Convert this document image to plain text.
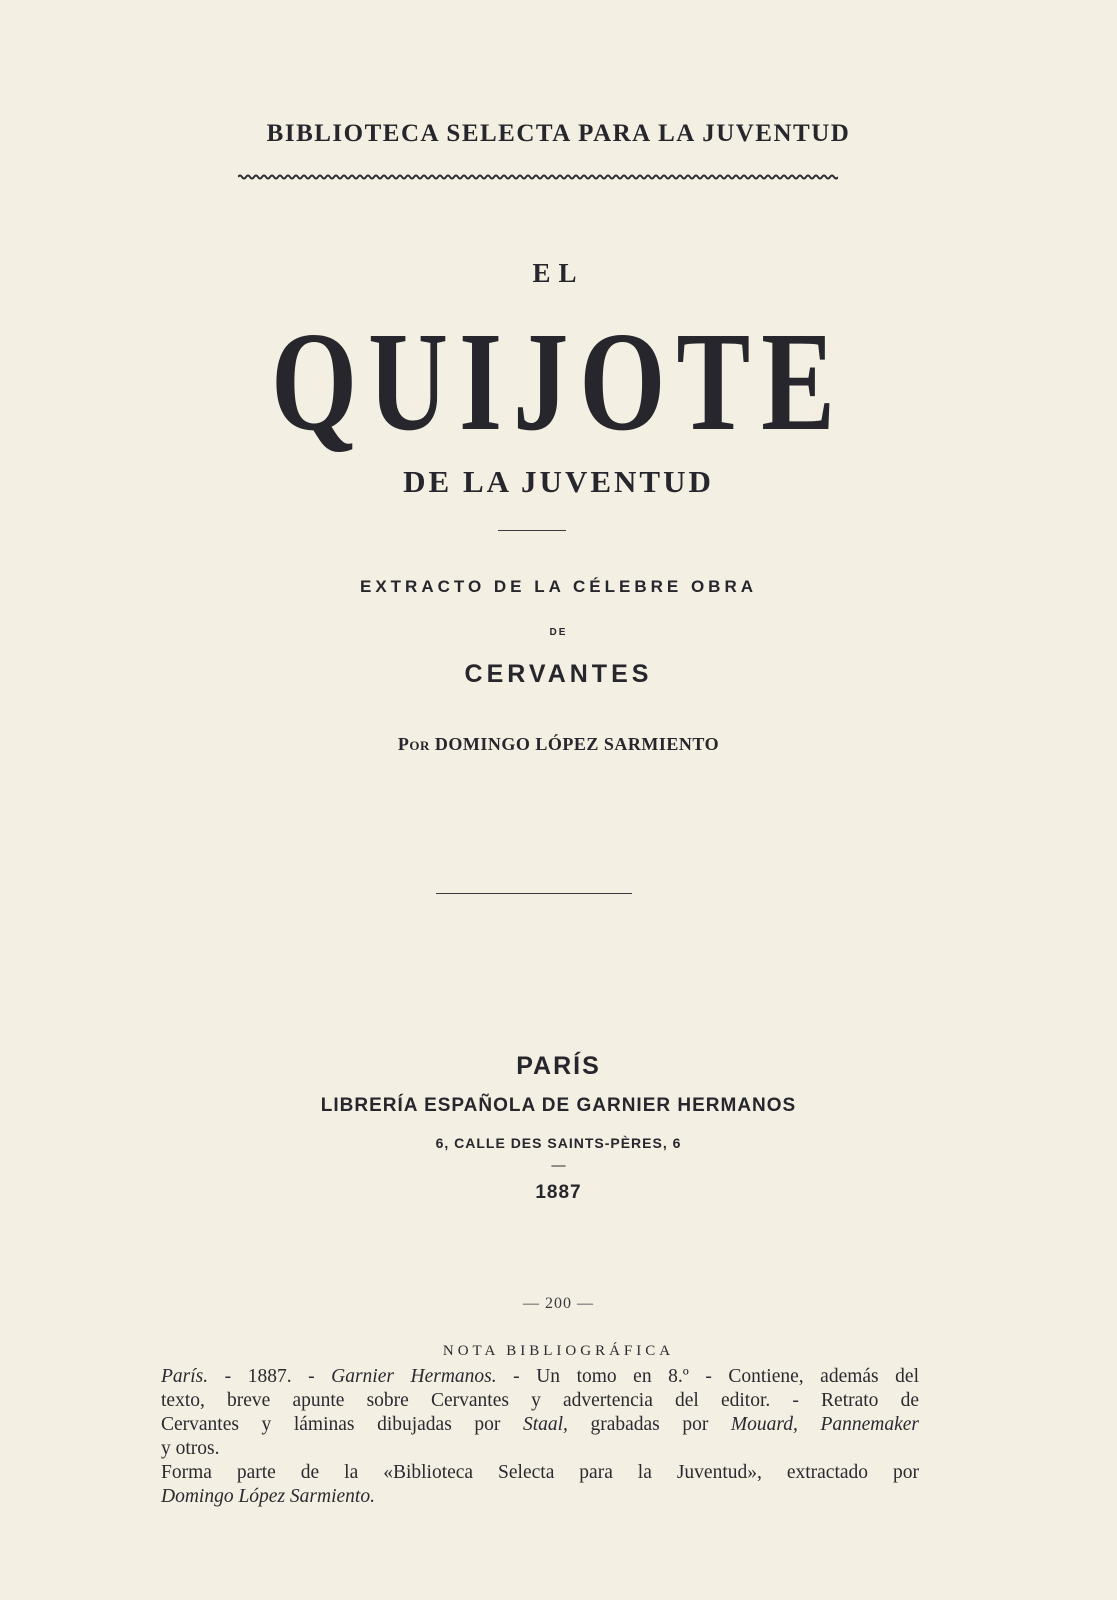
BIBLIOTECA SELECTA PARA LA JUVENTUD
EL
QUIJOTE
DE LA JUVENTUD
EXTRACTO DE LA CÉLEBRE OBRA
DE
CERVANTES
Por DOMINGO LÓPEZ SARMIENTO
PARÍS
LIBRERÍA ESPAÑOLA DE GARNIER HERMANOS
6, CALLE DES SAINTS-PÈRES, 6
—
1887
— 200 —
NOTA BIBLIOGRÁFICA
París. - 1887. - Garnier Hermanos. - Un tomo en 8.º - Contiene, además del
texto, breve apunte sobre Cervantes y advertencia del editor. - Retrato de
Cervantes y láminas dibujadas por Staal, grabadas por Mouard, Pannemaker
y otros.
Forma parte de la «Biblioteca Selecta para la Juventud», extractado por
Domingo López Sarmiento.
